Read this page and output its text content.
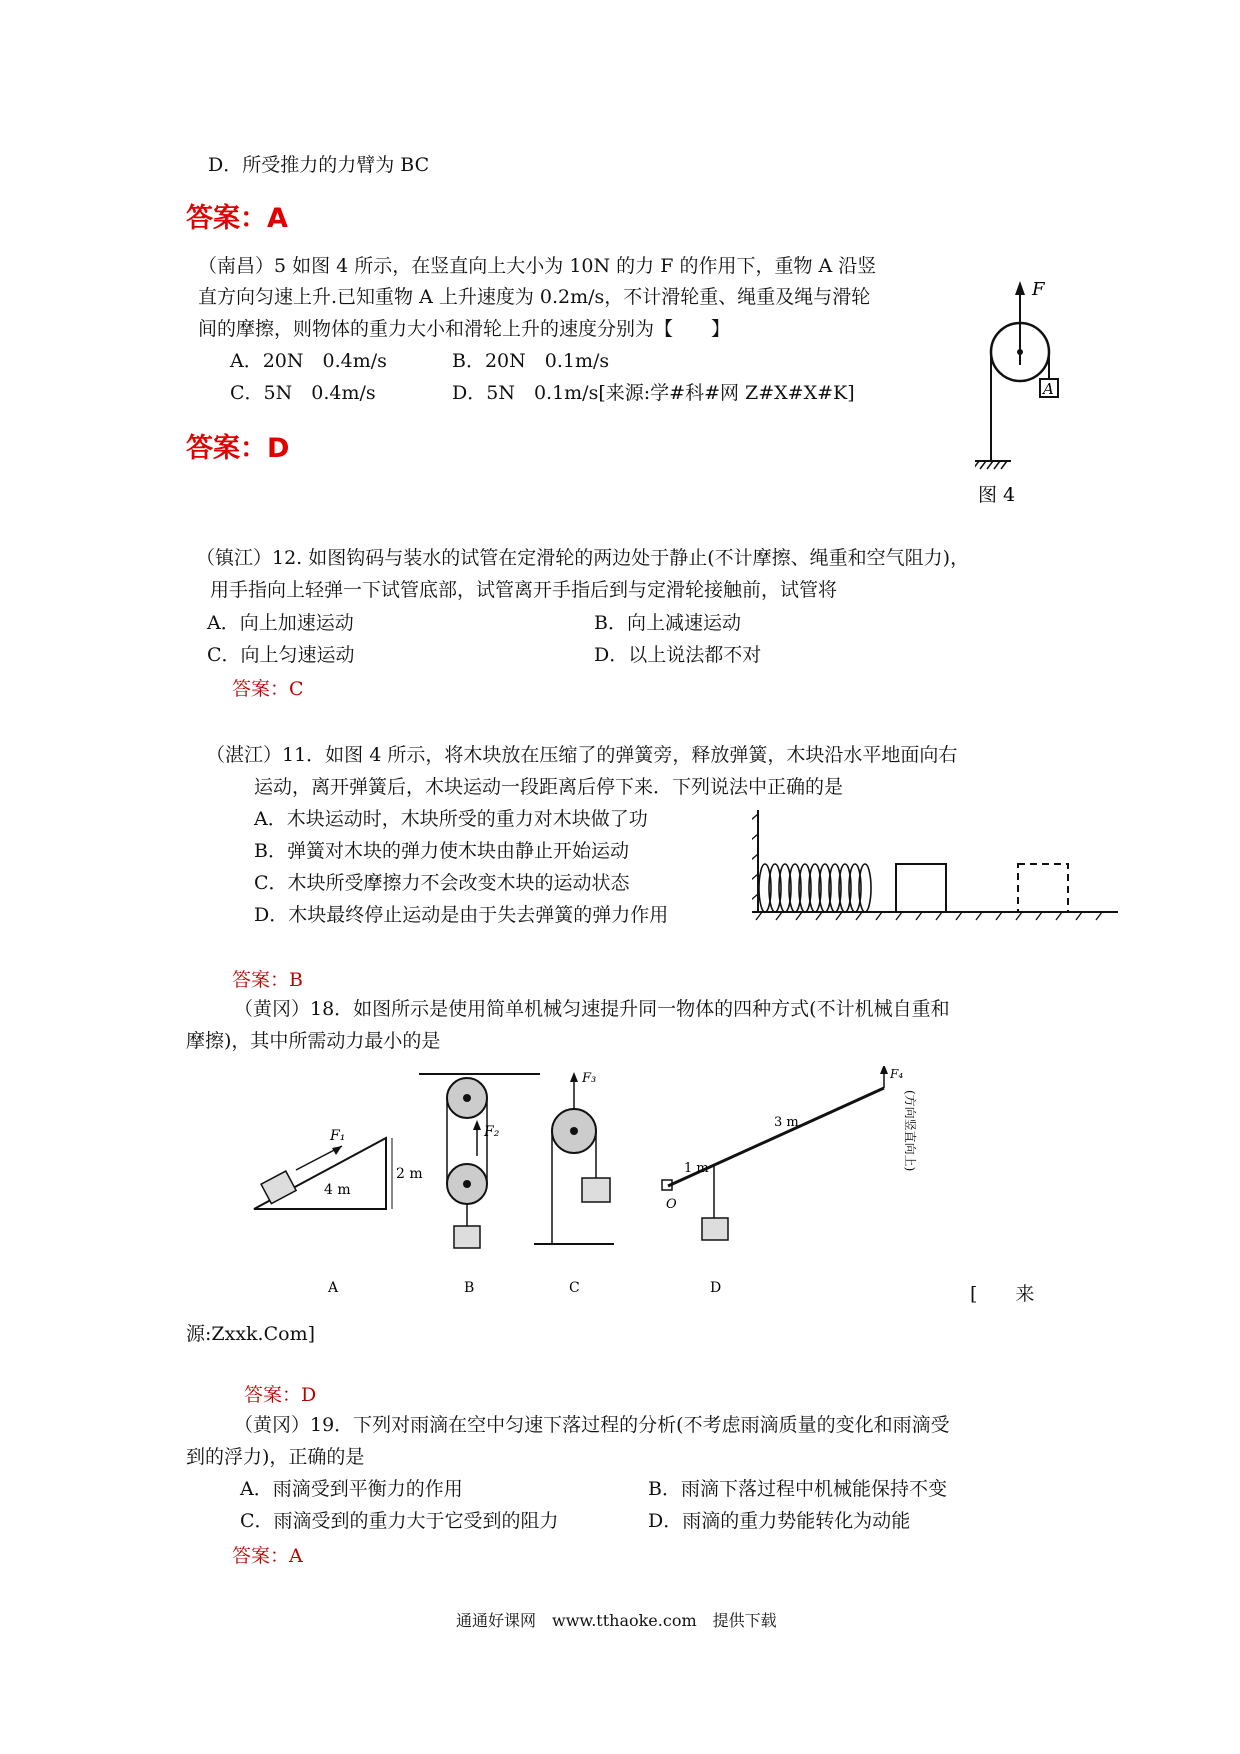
D．所受推力的力臂为 BC
答案：A
（南昌）5 如图 4 所示，在竖直向上大小为 10N 的力 F 的作用下，重物 A 沿竖
直方向匀速上升.已知重物 A 上升速度为 0.2m/s，不计滑轮重、绳重及绳与滑轮
间的摩擦，则物体的重力大小和滑轮上升的速度分别为【　　】
A．20N　0.4m/s	B．20N　0.1m/s
C．5N　0.4m/s	D．5N　0.1m/s[来源:学#科#网 Z#X#X#K]
答案：D
F
A
图 4
（镇江）12. 如图钩码与装水的试管在定滑轮的两边处于静止(不计摩擦、绳重和空气阻力)，
用手指向上轻弹一下试管底部，试管离开手指后到与定滑轮接触前，试管将
A．向上加速运动	B．向上减速运动
C．向上匀速运动	D．以上说法都不对
答案：C
（湛江）11．如图 4 所示，将木块放在压缩了的弹簧旁，释放弹簧，木块沿水平地面向右
运动，离开弹簧后，木块运动一段距离后停下来．下列说法中正确的是
A．木块运动时，木块所受的重力对木块做了功
B．弹簧对木块的弹力使木块由静止开始运动
C．木块所受摩擦力不会改变木块的运动状态
D．木块最终停止运动是由于失去弹簧的弹力作用
答案：B
（黄冈）18．如图所示是使用简单机械匀速提升同一物体的四种方式(不计机械自重和
摩擦)，其中所需动力最小的是
F₁
4 m
2 m
A
F₂
B
F₃
C
O
1 m
3 m
F₄
(方向竖直向上)
D	[　　来
源:Zxxk.Com]
答案：D
（黄冈）19．下列对雨滴在空中匀速下落过程的分析(不考虑雨滴质量的变化和雨滴受
到的浮力)，正确的是
A．雨滴受到平衡力的作用	B．雨滴下落过程中机械能保持不变
C．雨滴受到的重力大于它受到的阻力	D．雨滴的重力势能转化为动能
答案：A
通通好课网　www.tthaoke.com　提供下载
